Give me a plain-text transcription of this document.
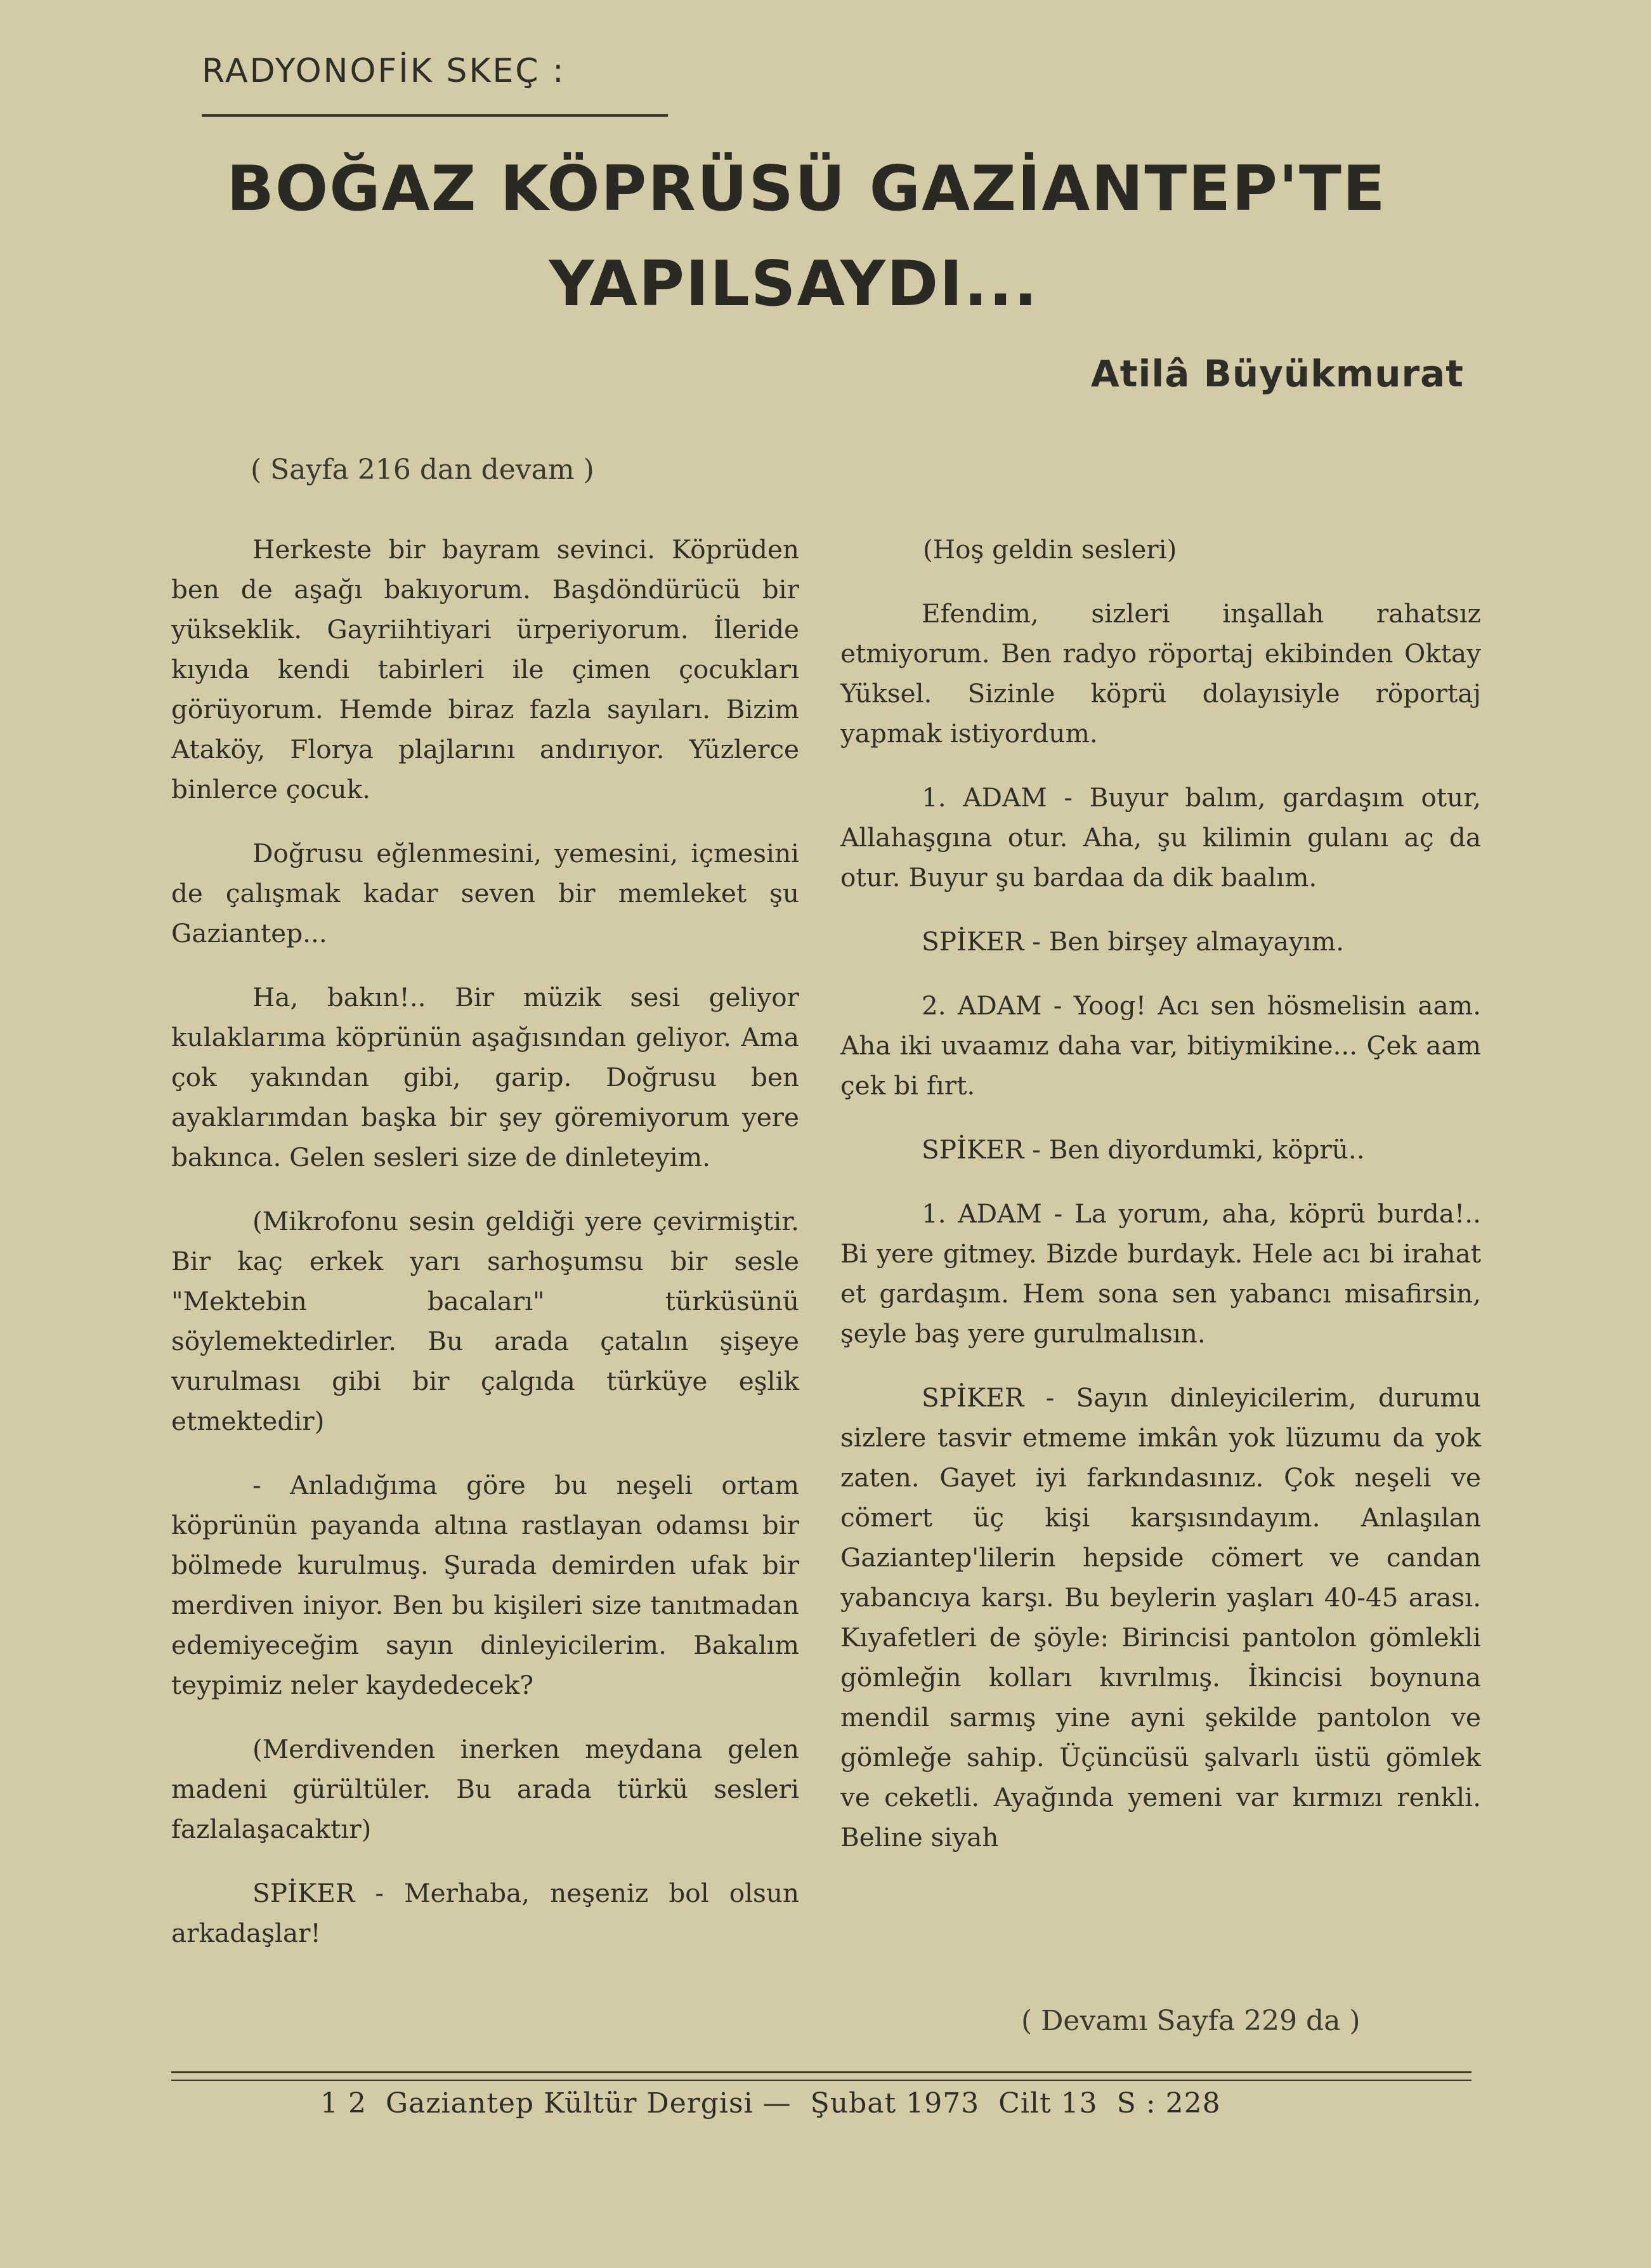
RADYONOFİK SKEÇ :
BOĞAZ KÖPRÜSÜ GAZİANTEP'TE
YAPILSAYDI...
Atilâ Büyükmurat
( Sayfa 216 dan devam )

Herkeste bir bayram sevinci. Köprüden ben de aşağı bakıyorum. Başdöndürücü bir yükseklik. Gayriihtiyari ürperiyorum. İleride kıyıda kendi tabirleri ile çimen çocukları görüyorum. Hemde biraz fazla sayıları. Bizim Ataköy, Florya plajlarını andırıyor. Yüzlerce binlerce çocuk.

Doğrusu eğlenmesini, yemesini, içmesini de çalışmak kadar seven bir memleket şu Gaziantep...

Ha, bakın!.. Bir müzik sesi geliyor kulaklarıma köprünün aşağısından geliyor. Ama çok yakından gibi, garip. Doğrusu ben ayaklarımdan başka bir şey göremiyorum yere bakınca. Gelen sesleri size de dinleteyim.

(Mikrofonu sesin geldiği yere çevirmiştir. Bir kaç erkek yarı sarhoşumsu bir sesle "Mektebin bacaları" türküsünü söylemektedirler. Bu arada çatalın şişeye vurulması gibi bir çalgıda türküye eşlik etmektedir)

- Anladığıma göre bu neşeli ortam köprünün payanda altına rastlayan odamsı bir bölmede kurulmuş. Şurada demirden ufak bir merdiven iniyor. Ben bu kişileri size tanıtmadan edemiyeceğim sayın dinleyicilerim. Bakalım teypimiz neler kaydedecek?

(Merdivenden inerken meydana gelen madeni gürültüler. Bu arada türkü sesleri fazlalaşacaktır)

SPİKER - Merhaba, neşeniz bol olsun arkadaşlar!

(Hoş geldin sesleri)

Efendim, sizleri inşallah rahatsız etmiyorum. Ben radyo röportaj ekibinden Oktay Yüksel. Sizinle köprü dolayısiyle röportaj yapmak istiyordum.

1. ADAM - Buyur balım, gardaşım otur, Allahaşgına otur. Aha, şu kilimin gulanı aç da otur. Buyur şu bardaa da dik baalım.

SPİKER - Ben birşey almayayım.

2. ADAM - Yoog! Acı sen hösmelisin aam. Aha iki uvaamız daha var, bitiymikine... Çek aam çek bi fırt.

SPİKER - Ben diyordumki, köprü..

1. ADAM - La yorum, aha, köprü burda!.. Bi yere gitmey. Bizde burdayk. Hele acı bi irahat et gardaşım. Hem sona sen yabancı misafirsin, şeyle baş yere gurulmalısın.

SPİKER - Sayın dinleyicilerim, durumu sizlere tasvir etmeme imkân yok lüzumu da yok zaten. Gayet iyi farkındasınız. Çok neşeli ve cömert üç kişi karşısındayım. Anlaşılan Gaziantep'lilerin hepside cömert ve candan yabancıya karşı. Bu beylerin yaşları 40-45 arası. Kıyafetleri de şöyle: Birincisi pantolon gömlekli gömleğin kolları kıvrılmış. İkincisi boynuna mendil sarmış yine ayni şekilde pantolon ve gömleğe sahip. Üçüncüsü şalvarlı üstü gömlek ve ceketli. Ayağında yemeni var kırmızı renkli. Beline siyah

( Devamı Sayfa 229 da )
1 2 Gaziantep Kültür Dergisi — Şubat 1973 Cilt 13 S : 228
